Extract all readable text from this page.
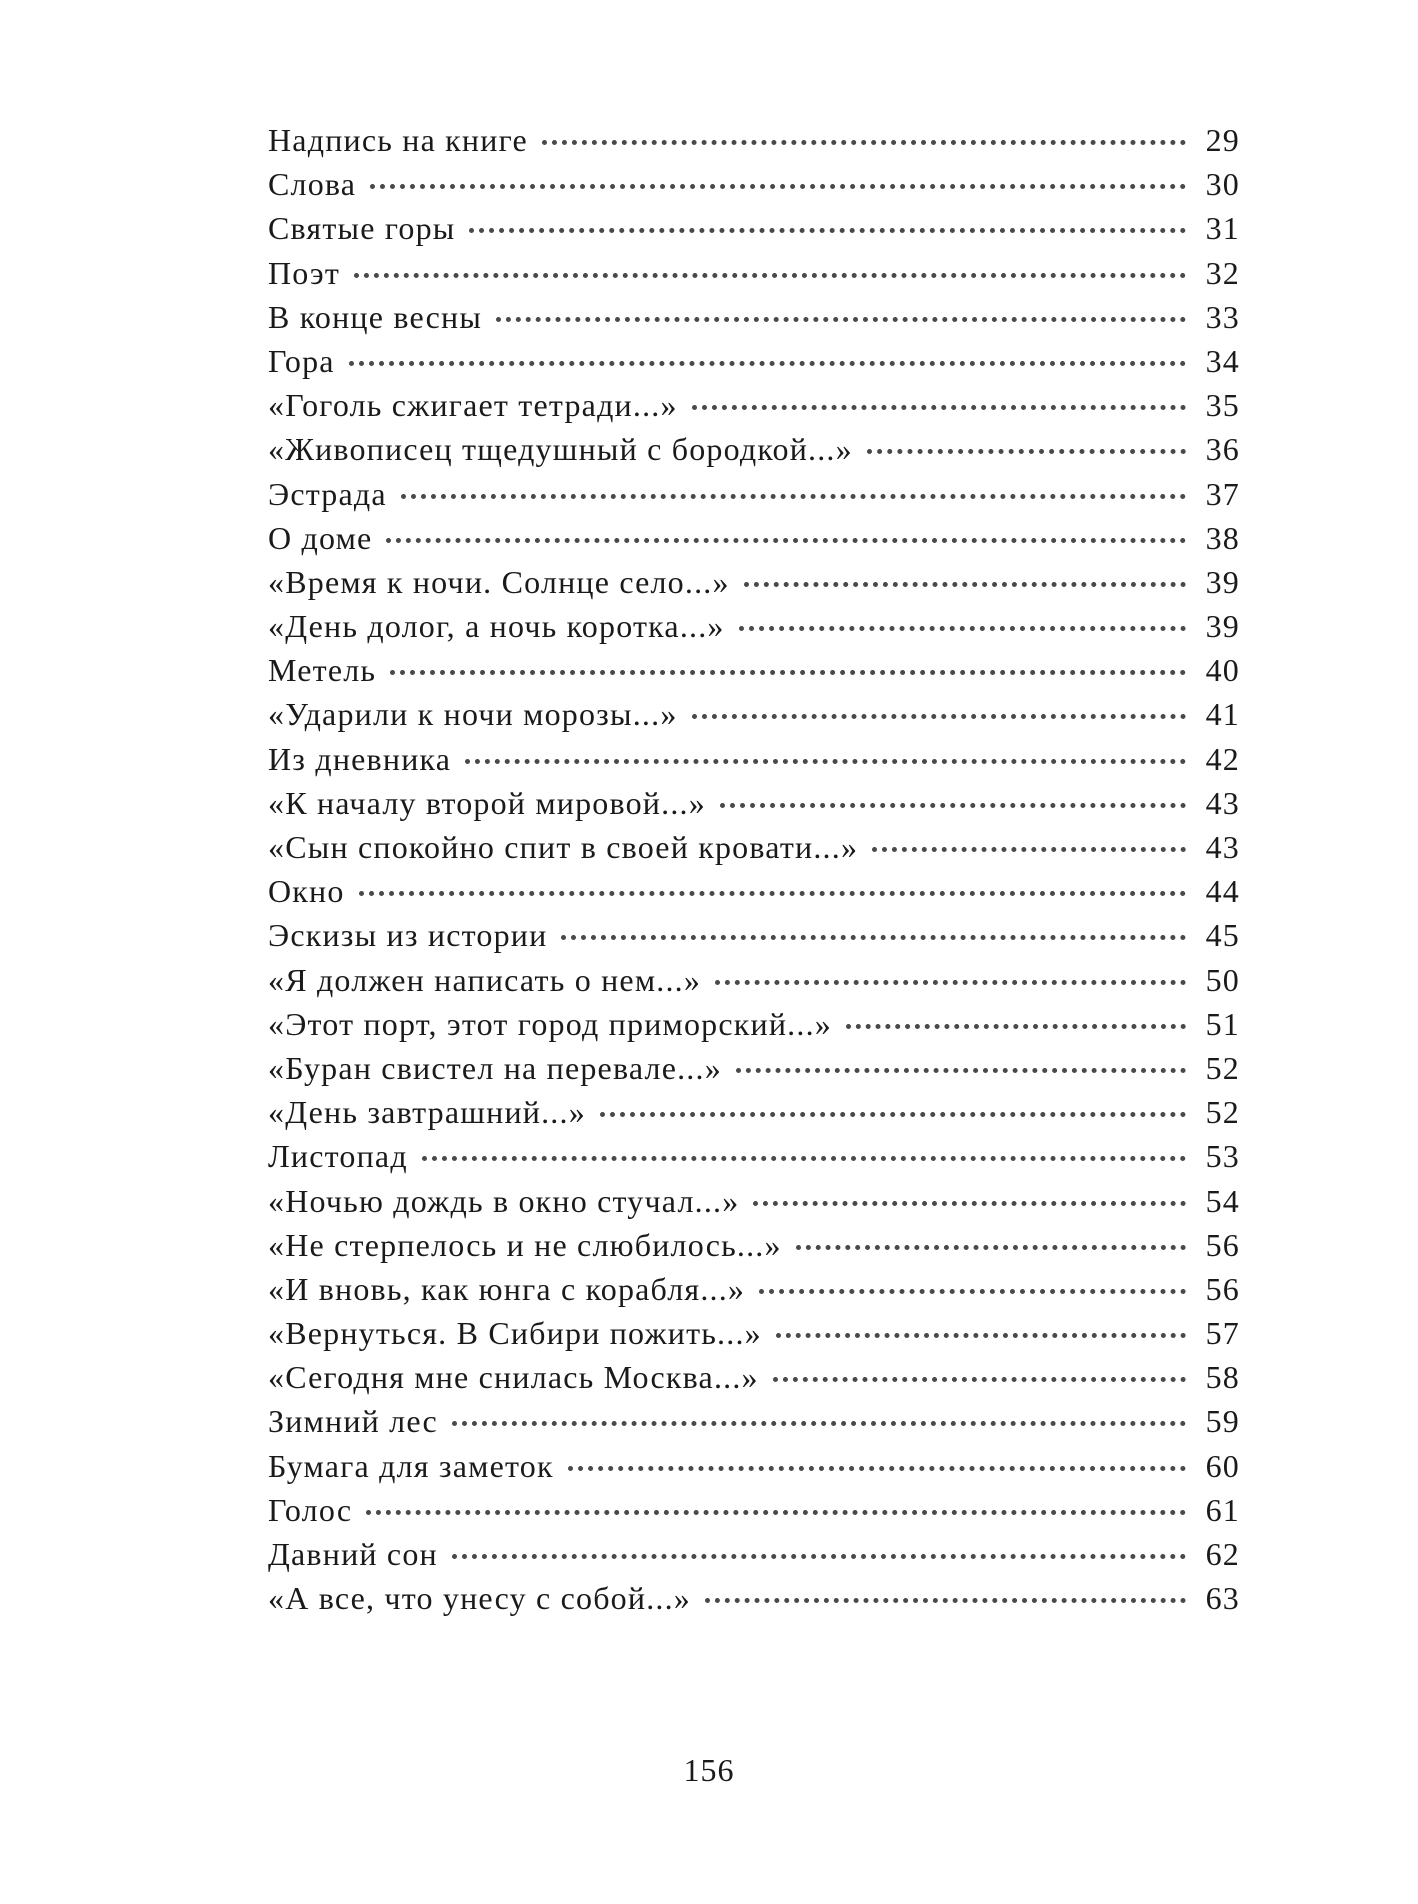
Надпись на книге	29
Слова	30
Святые горы	31
Поэт	32
В конце весны	33
Гора	34
«Гоголь сжигает тетради...»	35
«Живописец тщедушный с бородкой...»	36
Эстрада	37
О доме	38
«Время к ночи. Солнце село...»	39
«День долог, а ночь коротка...»	39
Метель	40
«Ударили к ночи морозы...»	41
Из дневника	42
«К началу второй мировой...»	43
«Сын спокойно спит в своей кровати...»	43
Окно	44
Эскизы из истории	45
«Я должен написать о нем...»	50
«Этот порт, этот город приморский...»	51
«Буран свистел на перевале...»	52
«День завтрашний...»	52
Листопад	53
«Ночью дождь в окно стучал...»	54
«Не стерпелось и не слюбилось...»	56
«И вновь, как юнга с корабля...»	56
«Вернуться. В Сибири пожить...»	57
«Сегодня мне снилась Москва...»	58
Зимний лес	59
Бумага для заметок	60
Голос	61
Давний сон	62
«А все, что унесу с собой...»	63
156
